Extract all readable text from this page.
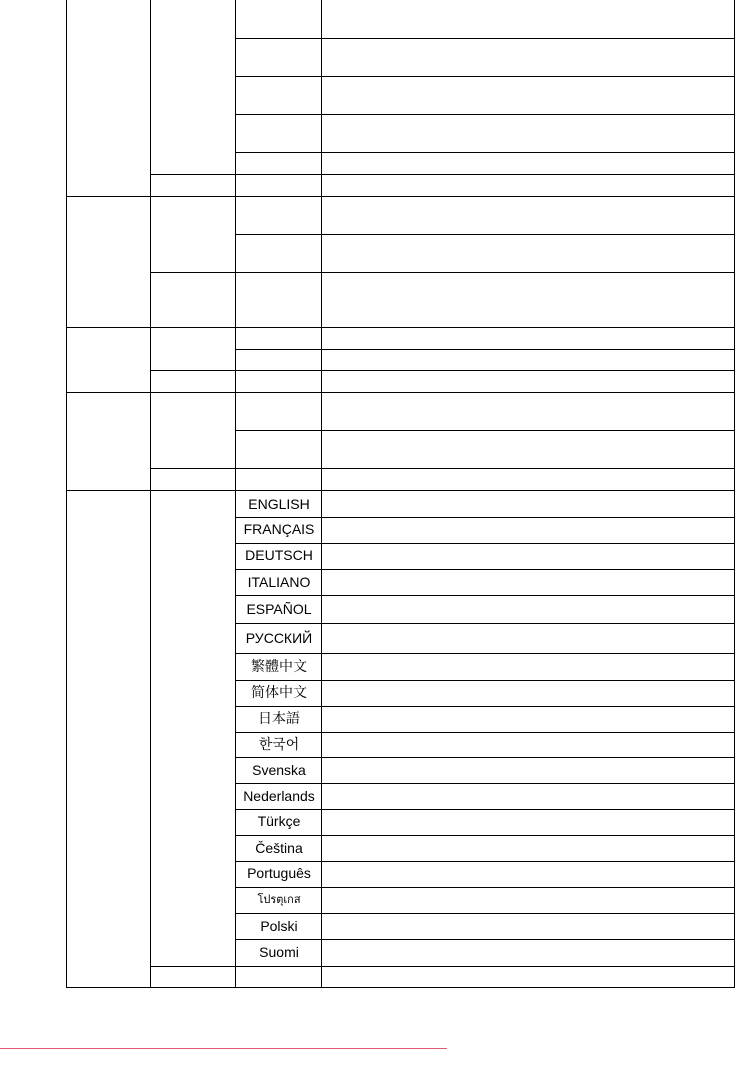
ENGLISH
FRANÇAIS
DEUTSCH
ITALIANO
ESPAÑOL
РУССКИЙ
繁體中文
简体中文
日本語
한국어
Svenska
Nederlands
Türkçe
Čeština
Português
โปรตุเกส
Polski
Suomi
